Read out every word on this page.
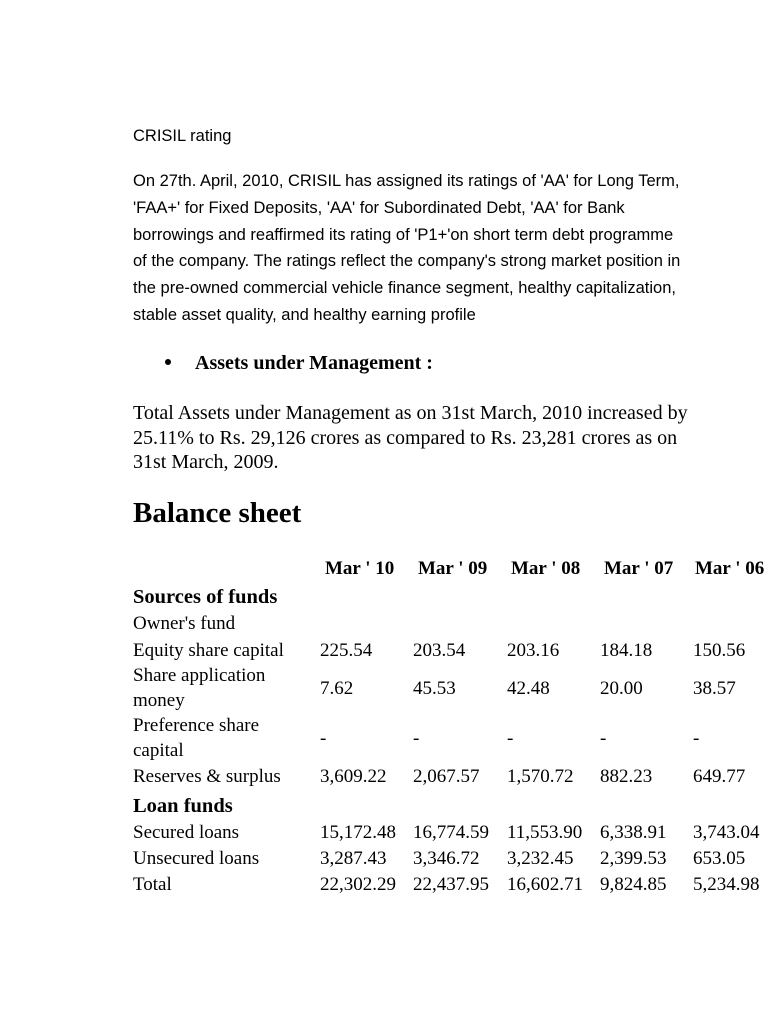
CRISIL rating
On 27th. April, 2010, CRISIL has assigned its ratings of 'AA' for Long Term,
'FAA+' for Fixed Deposits, 'AA' for Subordinated Debt, 'AA' for Bank
borrowings and reaffirmed its rating of 'P1+'on short term debt programme
of the company. The ratings reflect the company's strong market position in
the pre-owned commercial vehicle finance segment, healthy capitalization,
stable asset quality, and healthy earning profile
Assets under Management :
Total Assets under Management as on 31st March, 2010 increased by
25.11% to Rs. 29,126 crores as compared to Rs. 23,281 crores as on
31st March, 2009.
Balance sheet
Mar ' 10 Mar ' 09 Mar ' 08 Mar ' 07 Mar ' 06
Sources of funds
Owner's fund
Equity share capital 225.54 203.54 203.16 184.18 150.56
Share application
money
7.62	45.53	42.48	20.00	38.57
Preference share
capital
-	-	-	-	-
Reserves & surplus 3,609.22 2,067.57 1,570.72 882.23 649.77
Loan funds
Secured loans	15,172.48 16,774.59 11,553.90 6,338.91 3,743.04
Unsecured loans	3,287.43 3,346.72 3,232.45 2,399.53 653.05
Total	22,302.29 22,437.95 16,602.71 9,824.85 5,234.98
